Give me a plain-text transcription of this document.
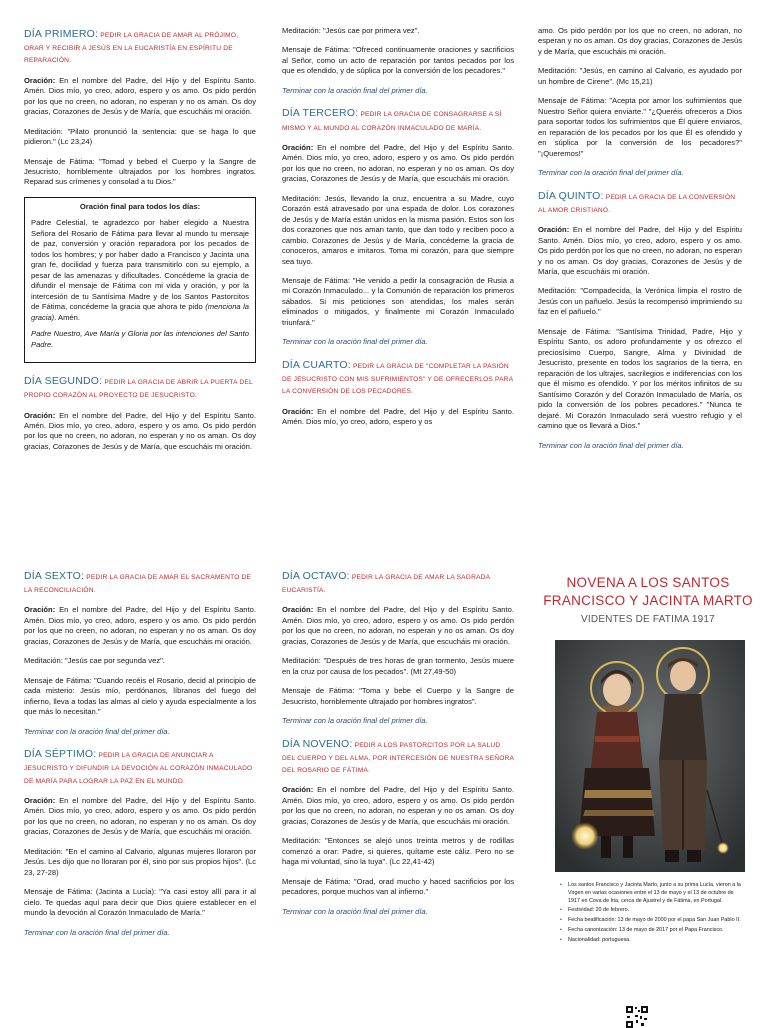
DÍA PRIMERO: PEDIR LA GRACIA DE AMAR AL PRÓJIMO, ORAR Y RECIBIR A JESÚS EN LA EUCARISTÍA EN ESPÍRITU DE REPARACIÓN.

Oración: En el nombre del Padre, del Hijo y del Espíritu Santo. Amén. Dios mío, yo creo, adoro, espero y os amo. Os pido perdón por los que no creen, no adoran, no esperan y no os aman. Os doy gracias, Corazones de Jesús y de María, que escucháis mi oración.

Meditación: "Pilato pronunció la sentencia: que se haga lo que pidieron." (Lc 23,24)

Mensaje de Fátima: "Tomad y bebed el Cuerpo y la Sangre de Jesucristo, horriblemente ultrajados por los hombres ingratos. Reparad sus crímenes y consolad a tu Dios."

Oración final para todos los días:

Padre Celestial, te agradezco por haber elegido a Nuestra Señora del Rosario de Fátima para llevar al mundo tu mensaje de paz, conversión y oración reparadora por los pecados de todos los hombres; y por haber dado a Francisco y Jacinta una gran fe, docilidad y fuerza para transmitirlo con su ejemplo, a pesar de las amenazas y dificultades. Concédeme la gracia de difundir el mensaje de Fátima con mi vida y oración, y por la intercesión de tu Santísima Madre y de los Santos Pastorcitos de Fátima, concédeme la gracia que ahora te pido (menciona la gracia). Amén.

Padre Nuestro, Ave María y Gloria por las intenciones del Santo Padre.

DÍA SEGUNDO: PEDIR LA GRACIA DE ABRIR LA PUERTA DEL PROPIO CORAZÓN AL PROYECTO DE JESUCRISTO.

Oración: En el nombre del Padre, del Hijo y del Espíritu Santo. Amén. Dios mío, yo creo, adoro, espero y os amo. Os pido perdón por los que no creen, no adoran, no esperan y no os aman. Os doy gracias, Corazones de Jesús y de María, que escucháis mi oración.

Meditación: "Jesús cae por primera vez".

Mensaje de Fátima: "Ofreced continuamente oraciones y sacrificios al Señor, como un acto de reparación por tantos pecados por los que es ofendido, y de súplica por la conversión de los pecadores."

Terminar con la oración final del primer día.

DÍA TERCERO: PEDIR LA GRACIA DE CONSAGRARSE A SÍ MISMO Y AL MUNDO AL CORAZÓN INMACULADO DE MARÍA.

Oración: En el nombre del Padre, del Hijo y del Espíritu Santo. Amén. Dios mío, yo creo, adoro, espero y os amo. Os pido perdón por los que no creen, no adoran, no esperan y no os aman. Os doy gracias, Corazones de Jesús y de María, que escucháis mi oración.

Meditación: Jesús, llevando la cruz, encuentra a su Madre, cuyo Corazón está atravesado por una espada de dolor. Los corazones de Jesús y de María están unidos en la misma pasión. Estos son los dos corazones que nos aman tanto, que dan todo y reciben poco a cambio. Corazones de Jesús y de María, concédeme la gracia de conoceros, amaros e imitaros. Toma mi corazón, para que siempre sea tuyo.

Mensaje de Fátima: "He venido a pedir la consagración de Rusia a mi Corazón Inmaculado... y la Comunión de reparación los primeros sábados. Si mis peticiones son atendidas, los males serán eliminados o mitigados, y finalmente mi Corazón Inmaculado triunfará."

Terminar con la oración final del primer día.

DÍA CUARTO: PEDIR LA GRACIA DE "COMPLETAR LA PASIÓN DE JESUCRISTO CON MIS SUFRIMIENTOS" Y DE OFRECERLOS PARA LA CONVERSIÓN DE LOS PECADORES.

Oración: En el nombre del Padre, del Hijo y del Espíritu Santo. Amén. Dios mío, yo creo, adoro, espero y os

amo. Os pido perdón por los que no creen, no adoran, no esperan y no os aman. Os doy gracias, Corazones de Jesús y de María, que escucháis mi oración.

Meditación: "Jesús, en camino al Calvario, es ayudado por un hombre de Cirene". (Mc 15,21)

Mensaje de Fátima: "Acepta por amor los sufrimientos que Nuestro Señor quiera enviarte." "¿Queréis ofreceros a Dios para soportar todos los sufrimientos que Él quiere enviaros, en reparación de los pecados por los que Él es ofendido y en súplica por la conversión de los pecadores?" "¡Queremos!"

Terminar con la oración final del primer día.

DÍA QUINTO: PEDIR LA GRACIA DE LA CONVERSIÓN AL AMOR CRISTIANO.

Oración: En el nombre del Padre, del Hijo y del Espíritu Santo. Amén. Dios mío, yo creo, adoro, espero y os amo. Os pido perdón por los que no creen, no adoran, no esperan y no os aman. Os doy gracias, Corazones de Jesús y de María, que escucháis mi oración.

Meditación: "Compadecida, la Verónica limpia el rostro de Jesús con un pañuelo. Jesús la recompensó imprimiendo su faz en el pañuelo."

Mensaje de Fátima: "Santísima Trinidad, Padre, Hijo y Espíritu Santo, os adoro profundamente y os ofrezco el preciosísimo Cuerpo, Sangre, Alma y Divinidad de Jesucristo, presente en todos los sagrarios de la tierra, en reparación de los ultrajes, sacrilegios e indiferencias con los que él mismo es ofendido. Y por los méritos infinitos de su Santísimo Corazón y del Corazón Inmaculado de María, os pido la conversión de los pobres pecadores." "Nunca te dejaré. Mi Corazón Inmaculado será vuestro refugio y el camino que os llevará a Dios."

Terminar con la oración final del primer día.

DÍA SEXTO: PEDIR LA GRACIA DE AMAR EL SACRAMENTO DE LA RECONCILIACIÓN.

Oración: En el nombre del Padre, del Hijo y del Espíritu Santo. Amén. Dios mío, yo creo, adoro, espero y os amo. Os pido perdón por los que no creen, no adoran, no esperan y no os aman. Os doy gracias, Corazones de Jesús y de María, que escucháis mi oración.

Meditación: "Jesús cae por segunda vez".

Mensaje de Fátima: "Cuando recéis el Rosario, decid al principio de cada misterio: Jesús mío, perdónanos, líbranos del fuego del infierno, lleva a todas las almas al cielo y ayuda especialmente a los que más lo necesitan."

Terminar con la oración final del primer día.

DÍA SÉPTIMO: PEDIR LA GRACIA DE ANUNCIAR A JESUCRISTO Y DIFUNDIR LA DEVOCIÓN AL CORAZÓN INMACULADO DE MARÍA PARA LOGRAR LA PAZ EN EL MUNDO.

Oración: En el nombre del Padre, del Hijo y del Espíritu Santo. Amén. Dios mío, yo creo, adoro, espero y os amo. Os pido perdón por los que no creen, no adoran, no esperan y no os aman. Os doy gracias, Corazones de Jesús y de María, que escucháis mi oración.

Meditación: "En el camino al Calvario, algunas mujeres lloraron por Jesús. Les dijo que no lloraran por él, sino por sus propios hijos". (Lc 23, 27-28)

Mensaje de Fátima: (Jacinta a Lucía): "Ya casi estoy allí para ir al cielo. Te quedas aquí para decir que Dios quiere establecer en el mundo la devoción al Corazón Inmaculado de María."

Terminar con la oración final del primer día.

DÍA OCTAVO: PEDIR LA GRACIA DE AMAR LA SAGRADA EUCARISTÍA.

Oración: En el nombre del Padre, del Hijo y del Espíritu Santo. Amén. Dios mío, yo creo, adoro, espero y os amo. Os pido perdón por los que no creen, no adoran, no esperan y no os aman. Os doy gracias, Corazones de Jesús y de María, que escucháis mi oración.

Meditación: "Después de tres horas de gran tormento, Jesús muere en la cruz por causa de los pecados". (Mt 27,49-50)

Mensaje de Fátima: "Toma y bebe el Cuerpo y la Sangre de Jesucristo, horriblemente ultrajado por hombres ingratos".

Terminar con la oración final del primer día.

DÍA NOVENO: PEDIR A LOS PASTORCITOS POR LA SALUD DEL CUERPO Y DEL ALMA, POR INTERCESIÓN DE NUESTRA SEÑORA DEL ROSARIO DE FÁTIMA.

Oración: En el nombre del Padre, del Hijo y del Espíritu Santo. Amén. Dios mío, yo creo, adoro, espero y os amo. Os pido perdón por los que no creen, no adoran, no esperan y no os aman. Os doy gracias, Corazones de Jesús y de María, que escucháis mi oración.

Meditación: "Entonces se alejó unos treinta metros y de rodillas comenzó a orar: Padre, si quieres, quítame este cáliz. Pero no se haga mi voluntad, sino la tuya". (Lc 22,41-42)

Mensaje de Fátima: "Orad, orad mucho y haced sacrificios por los pecadores, porque muchos van al infierno."

Terminar con la oración final del primer día.

NOVENA A LOS SANTOS

FRANCISCO Y JACINTA MARTO

VIDENTES DE FATIMA 1917

▪ Los santos Francisco y Jacinta Marto, junto a su prima Lucía, vieron a la Virgen en varias ocasiones entre el 13 de mayo y el 13 de octubre de 1917 en Cova de Iria, cerca de Ajustrel y de Fátima, en Portugal.
▪ Festividad: 20 de febrero.
▪ Fecha beatificación: 13 de mayo de 2000 por el papa San Juan Pablo II.
▪ Fecha canonización: 13 de mayo de 2017 por el Papa Francisco.
▪ Nacionalidad: portuguesa.
